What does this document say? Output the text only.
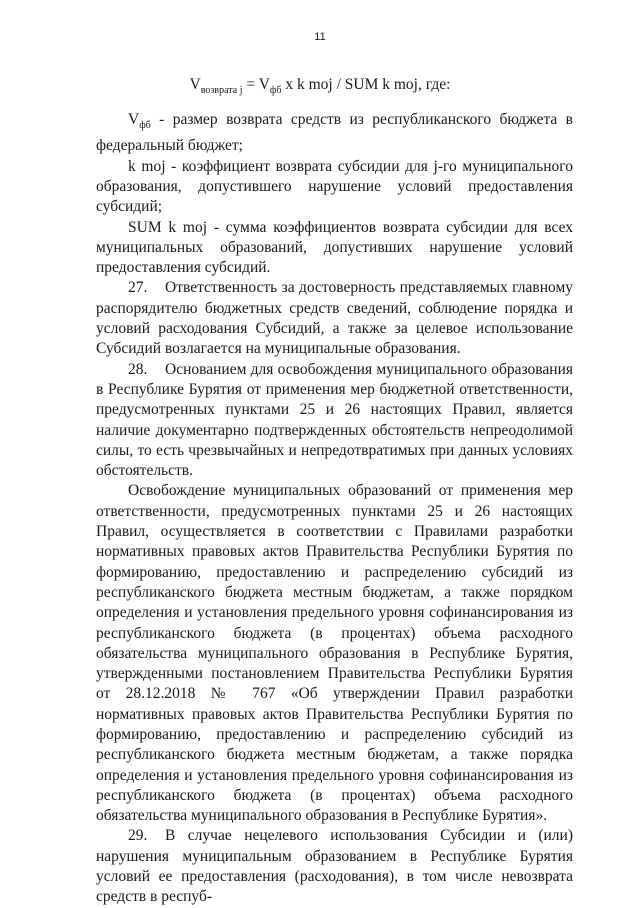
11
$V_{возврата j} = V_{фб}$ x k moj / SUM k moj, где:

$V_{фб}$ - размер возврата средств из республиканского бюджета в федеральный бюджет;

k moj - коэффициент возврата субсидии для j-го муниципального образования, допустившего нарушение условий предоставления субсидий;

SUM k moj - сумма коэффициентов возврата субсидии для всех муниципальных образований, допустивших нарушение условий предоставления субсидий.

27. Ответственность за достоверность представляемых главному распорядителю бюджетных средств сведений, соблюдение порядка и условий расходования Субсидий, а также за целевое использование Субсидий возлагается на муниципальные образования.

28. Основанием для освобождения муниципального образования в Республике Бурятия от применения мер бюджетной ответственности, предусмотренных пунктами 25 и 26 настоящих Правил, является наличие документарно подтвержденных обстоятельств непреодолимой силы, то есть чрезвычайных и непредотвратимых при данных условиях обстоятельств.

Освобождение муниципальных образований от применения мер ответственности, предусмотренных пунктами 25 и 26 настоящих Правил, осуществляется в соответствии с Правилами разработки нормативных правовых актов Правительства Республики Бурятия по формированию, предоставлению и распределению субсидий из республиканского бюджета местным бюджетам, а также порядком определения и установления предельного уровня софинансирования из республиканского бюджета (в процентах) объема расходного обязательства муниципального образования в Республике Бурятия, утвержденными постановлением Правительства Республики Бурятия от 28.12.2018 № 767 «Об утверждении Правил разработки нормативных правовых актов Правительства Республики Бурятия по формированию, предоставлению и распределению субсидий из республиканского бюджета местным бюджетам, а также порядка определения и установления предельного уровня софинансирования из республиканского бюджета (в процентах) объема расходного обязательства муниципального образования в Республике Бурятия».

29. В случае нецелевого использования Субсидии и (или) нарушения муниципальным образованием в Республике Бурятия условий ее предоставления (расходования), в том числе невозврата средств в респуб-
